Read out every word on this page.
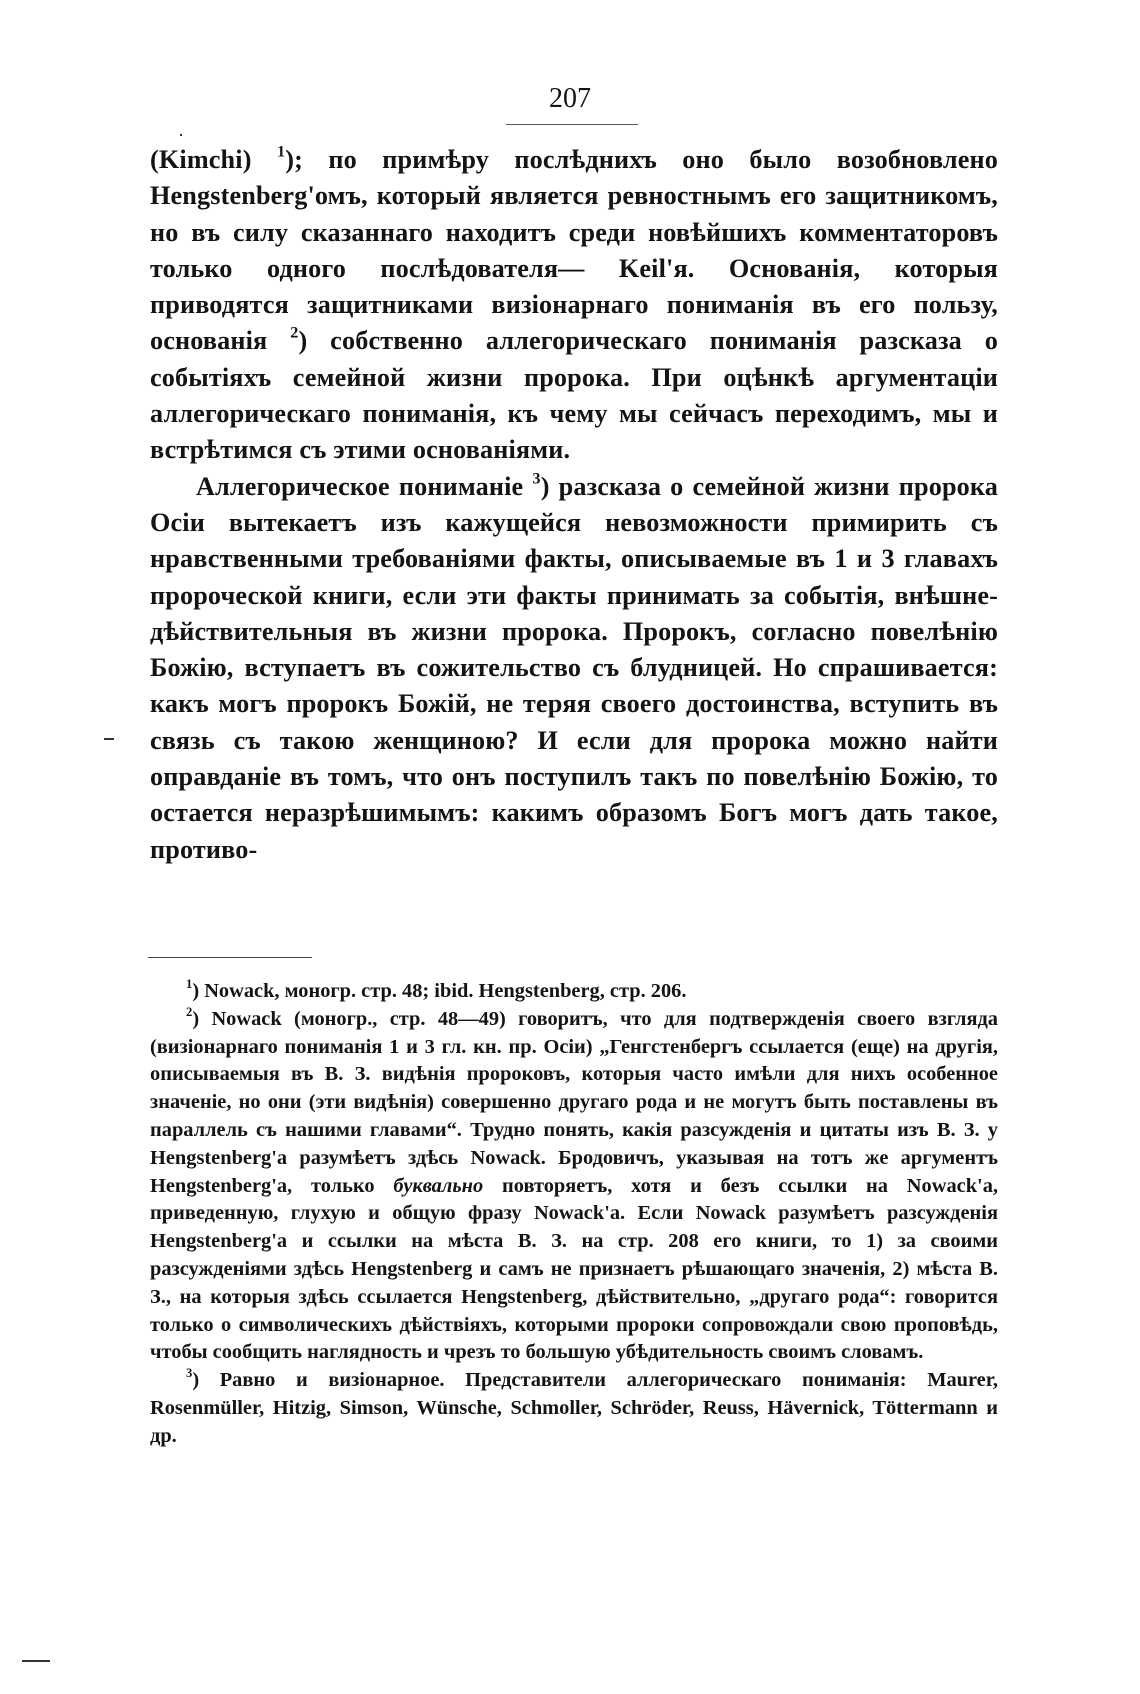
207

(Kimchi) $^1$); по примѣру послѣднихъ оно было возобновлено Hengstenberg'омъ, который является ревностнымъ его защитникомъ, но въ силу сказаннаго находитъ среди новѣйшихъ комментаторовъ только одного послѣдователя— Keil'я. Основанія, которыя приводятся защитниками визіонарнаго пониманія въ его пользу, основанія $^2$) собственно аллегорическаго пониманія разсказа о событіяхъ семейной жизни пророка. При оцѣнкѣ аргументаціи аллегорическаго пониманія, къ чему мы сейчасъ переходимъ, мы и встрѣтимся съ этими основаніями.

Аллегорическое пониманіе $^3$) разсказа о семейной жизни пророка Осіи вытекаетъ изъ кажущейся невозможности примирить съ нравственными требованіями факты, описываемые въ 1 и 3 главахъ пророческой книги, если эти факты принимать за событія, внѣшне-дѣйствительныя въ жизни пророка. Пророкъ, согласно повелѣнію Божію, вступаетъ въ сожительство съ блудницей. Но спрашивается: какъ могъ пророкъ Божій, не теряя своего достоинства, вступить въ связь съ такою женщиною? И если для пророка можно найти оправданіе въ томъ, что онъ поступилъ такъ по повелѣнію Божію, то остается неразрѣшимымъ: какимъ образомъ Богъ могъ дать такое, противо-

$^1$) Nowack, моногр. стр. 48; ibid. Hengstenberg, стр. 206.

$^2$) Nowack (моногр., стр. 48—49) говоритъ, что для подтвержденія своего взгляда (визіонарнаго пониманія 1 и 3 гл. кн. пр. Осіи) „Генгстенбергъ ссылается (еще) на другія, описываемыя въ В. З. видѣнія пророковъ, которыя часто имѣли для нихъ особенное значеніе, но они (эти видѣнія) совершенно другаго рода и не могутъ быть поставлены въ параллель съ нашими главами“. Трудно понять, какія разсужденія и цитаты изъ В. З. у Hengstenberg'а разумѣетъ здѣсь Nowack. Бродовичъ, указывая на тотъ же аргументъ Hengstenberg'а, только буквально повторяетъ, хотя и безъ ссылки на Nowack'а, приведенную, глухую и общую фразу Nowack'а. Если Nowack разумѣетъ разсужденія Hengstenberg'а и ссылки на мѣста В. З. на стр. 208 его книги, то 1) за своими разсужденіями здѣсь Hengstenberg и самъ не признаетъ рѣшающаго значенія, 2) мѣста В. З., на которыя здѣсь ссылается Hengstenberg, дѣйствительно, „другаго рода“: говорится только о символическихъ дѣйствіяхъ, которыми пророки сопровождали свою проповѣдь, чтобы сообщить наглядность и чрезъ то большую убѣдительность своимъ словамъ.

$^3$) Равно и визіонарное. Представители аллегорическаго пониманія: Maurer, Rosenmüller, Hitzig, Simson, Wünsche, Schmoller, Schröder, Reuss, Hävernick, Töttermann и др.
